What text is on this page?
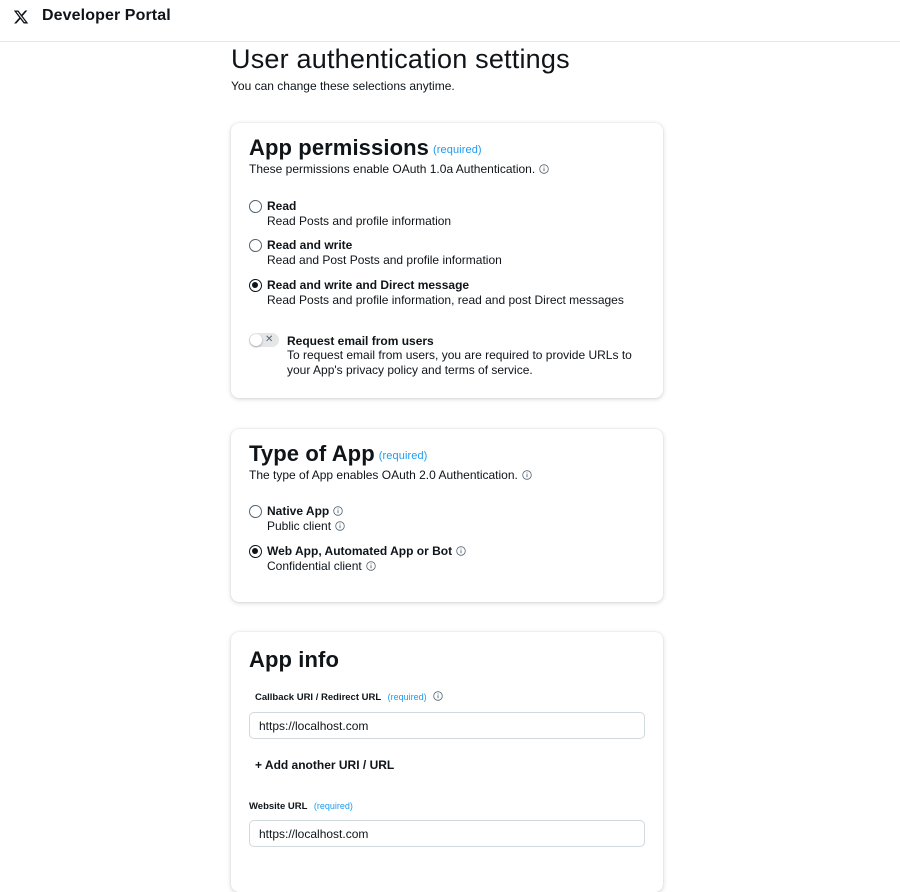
Developer Portal
User authentication settings
You can change these selections anytime.
App permissions (required)
These permissions enable OAuth 1.0a Authentication.
Read
Read Posts and profile information
Read and write
Read and Post Posts and profile information
Read and write and Direct message
Read Posts and profile information, read and post Direct messages
✕ Request email from users
To request email from users, you are required to provide URLs to your App's privacy policy and terms of service.
Type of App (required)
The type of App enables OAuth 2.0 Authentication.
Native App
Public client
Web App, Automated App or Bot
Confidential client
App info
Callback URI / Redirect URL (required)
https://localhost.com
+ Add another URI / URL
Website URL (required)
https://localhost.com
